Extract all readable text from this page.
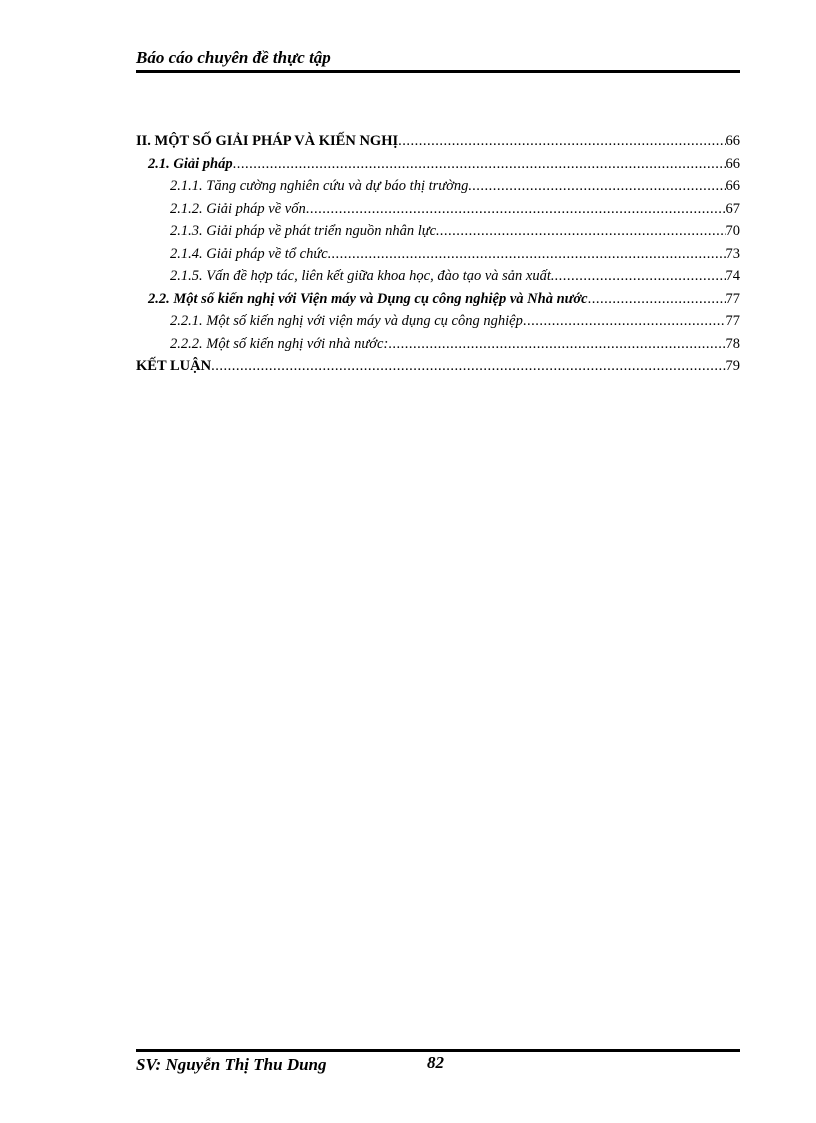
Báo cáo chuyên đề thực tập
II. MỘT SỐ GIẢI PHÁP VÀ KIẾN NGHỊ .....	66
2.1. Giải pháp .....	66
2.1.1. Tăng cường nghiên cứu và dự báo thị trường. .....	66
2.1.2. Giải pháp về vốn .....	67
2.1.3. Giải pháp về phát triển nguồn nhân lực. .....	70
2.1.4. Giải pháp về tổ chức. .....	73
2.1.5. Vấn đề hợp tác, liên kết giữa khoa học, đào tạo và sản xuất. .....	74
2.2. Một số kiến nghị với Viện máy và Dụng cụ công nghiệp và Nhà nước .....	77
2.2.1. Một số kiến nghị với viện máy và dụng cụ công nghiệp .....	77
2.2.2. Một số kiến nghị với nhà nước: .....	78
KẾT LUẬN .....	79
SV: Nguyễn Thị Thu Dung	82
